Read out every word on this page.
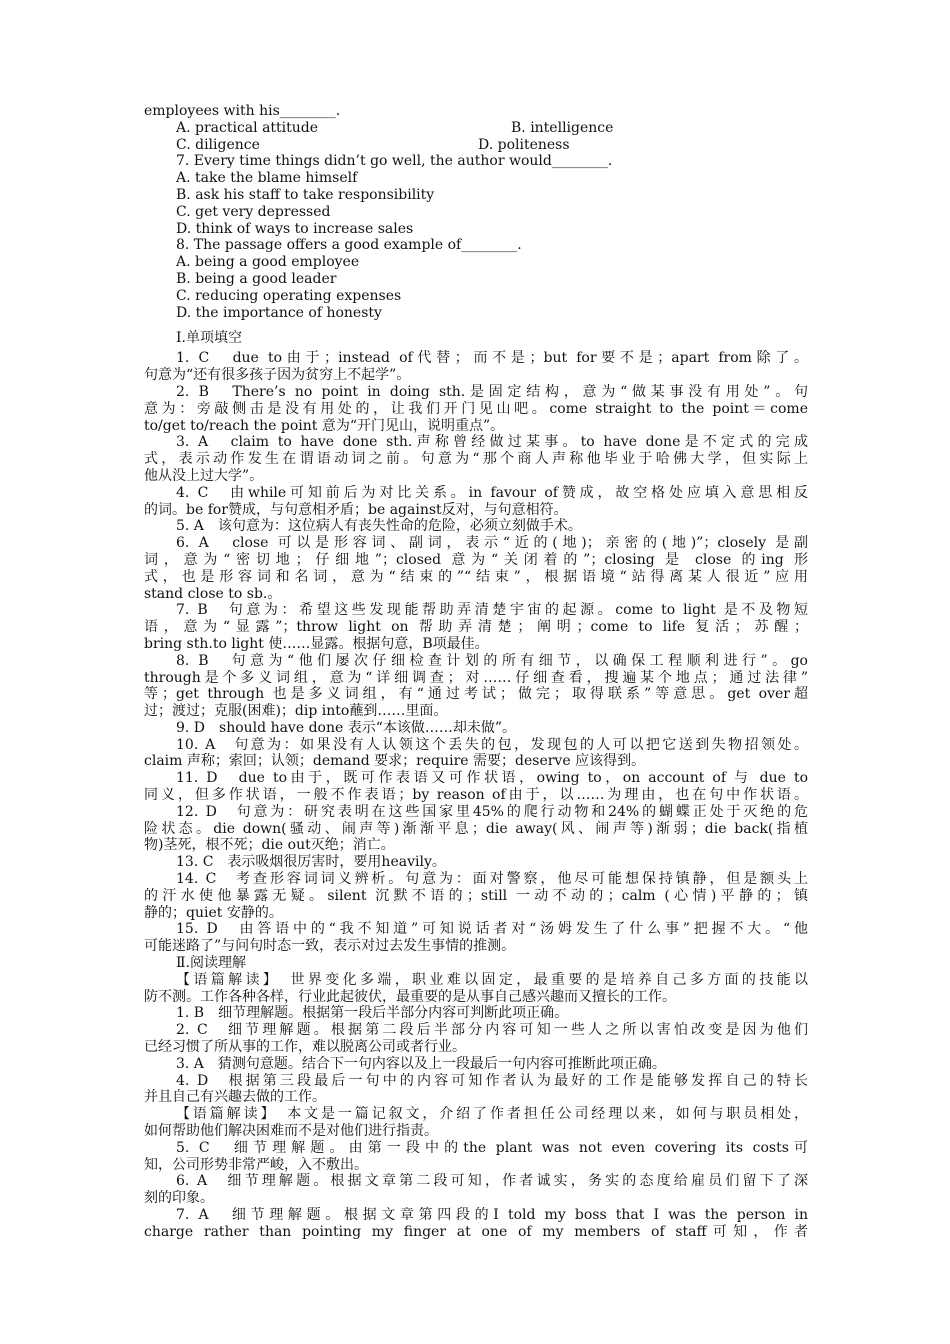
employees with his________.
A. practical attitude	B. intelligence
C. diligence	D. politeness
7. Every time things didn’t go well, the author would________.
A. take the blame himself
B. ask his staff to take responsibility
C. get very depressed
D. think of ways to increase sales
8. The passage offers a good example of________.
A. being a good employee
B. being a good leader
C. reducing operating expenses
D. the importance of honesty
Ⅰ.单项填空
1. C　due to由于；instead of代替；而不是；but for要不是；apart from除了。
句意为“还有很多孩子因为贫穷上不起学”。
2. B　There’s no point in doing sth.是固定结构，意为“做某事没有用处”。句
意为：旁敲侧击是没有用处的，让我们开门见山吧。come straight to the point＝come
to/get to/reach the point 意为“开门见山，说明重点”。
3. A　claim to have done sth.声称曾经做过某事。to have done是不定式的完成
式，表示动作发生在谓语动词之前。句意为“那个商人声称他毕业于哈佛大学，但实际上
他从没上过大学”。
4. C　由while可知前后为对比关系。in favour of赞成，故空格处应填入意思相反
的词。be for赞成，与句意相矛盾；be against反对，与句意相符。
5. A　该句意为：这位病人有丧失性命的危险，必须立刻做手术。
6. A　close 可以是形容词、副词，表示“近的(地)；亲密的(地)”；closely 是副
词，意为“密切地；仔细地”；closed 意为“关闭着的”；closing 是 close 的ing 形
式，也是形容词和名词，意为“结束的”“结束”，根据语境“站得离某人很近”应用
stand close to sb.。
7. B　句意为：希望这些发现能帮助弄清楚宇宙的起源。come to light 是不及物短
语，意为“显露”；throw light on 帮助弄清楚；阐明；come to life 复活；苏醒；
bring sth.to light 使……显露。根据句意，B项最佳。
8. B　句意为“他们屡次仔细检查计划的所有细节，以确保工程顺利进行”。go
through是个多义词组，意为“详细调查；对……仔细查看，搜遍某个地点；通过法律”
等；get through 也是多义词组，有“通过考试；做完；取得联系”等意思。get over超
过；渡过；克服(困难)；dip into蘸到……里面。
9. D　should have done 表示“本该做……却未做”。
10. A　句意为：如果没有人认领这个丢失的包，发现包的人可以把它送到失物招领处。
claim 声称；索回；认领；demand 要求；require 需要；deserve 应该得到。
11. D　due to由于，既可作表语又可作状语，owing to，on account of 与 due to
同义，但多作状语，一般不作表语；by reason of由于，以……为理由，也在句中作状语。
12. D　句意为：研究表明在这些国家里45%的爬行动物和24%的蝴蝶正处于灭绝的危
险状态。die down(骚动、闹声等)渐渐平息；die away(风、闹声等)渐弱；die back(指植
物)茎死，根不死；die out灭绝；消亡。
13. C　表示吸烟很厉害时，要用heavily。
14. C　考查形容词词义辨析。句意为：面对警察，他尽可能想保持镇静，但是额头上
的汗水使他暴露无疑。silent 沉默不语的；still 一动不动的；calm (心情)平静的；镇
静的；quiet 安静的。
15. D　由答语中的“我不知道”可知说话者对“汤姆发生了什么事”把握不大。“他
可能迷路了”与问句时态一致，表示对过去发生事情的推测。
Ⅱ.阅读理解
【语篇解读】　世界变化多端，职业难以固定，最重要的是培养自己多方面的技能以
防不测。工作各种各样，行业此起彼伏，最重要的是从事自己感兴趣而又擅长的工作。
1. B　细节理解题。根据第一段后半部分内容可判断此项正确。
2. C　细节理解题。根据第二段后半部分内容可知一些人之所以害怕改变是因为他们
已经习惯了所从事的工作，难以脱离公司或者行业。
3. A　猜测句意题。结合下一句内容以及上一段最后一句内容可推断此项正确。
4. D　根据第三段最后一句中的内容可知作者认为最好的工作是能够发挥自己的特长
并且自己有兴趣去做的工作。
【语篇解读】　本文是一篇记叙文，介绍了作者担任公司经理以来，如何与职员相处，
如何帮助他们解决困难而不是对他们进行指责。
5. C　细节理解题。由第一段中的the plant was not even covering its costs可
知，公司形势非常严峻，入不敷出。
6. A　细节理解题。根据文章第二段可知，作者诚实，务实的态度给雇员们留下了深
刻的印象。
7. A　细节理解题。根据文章第四段的I told my boss that I was the person in
charge rather than pointing my finger at one of my members of staff可知，作者
